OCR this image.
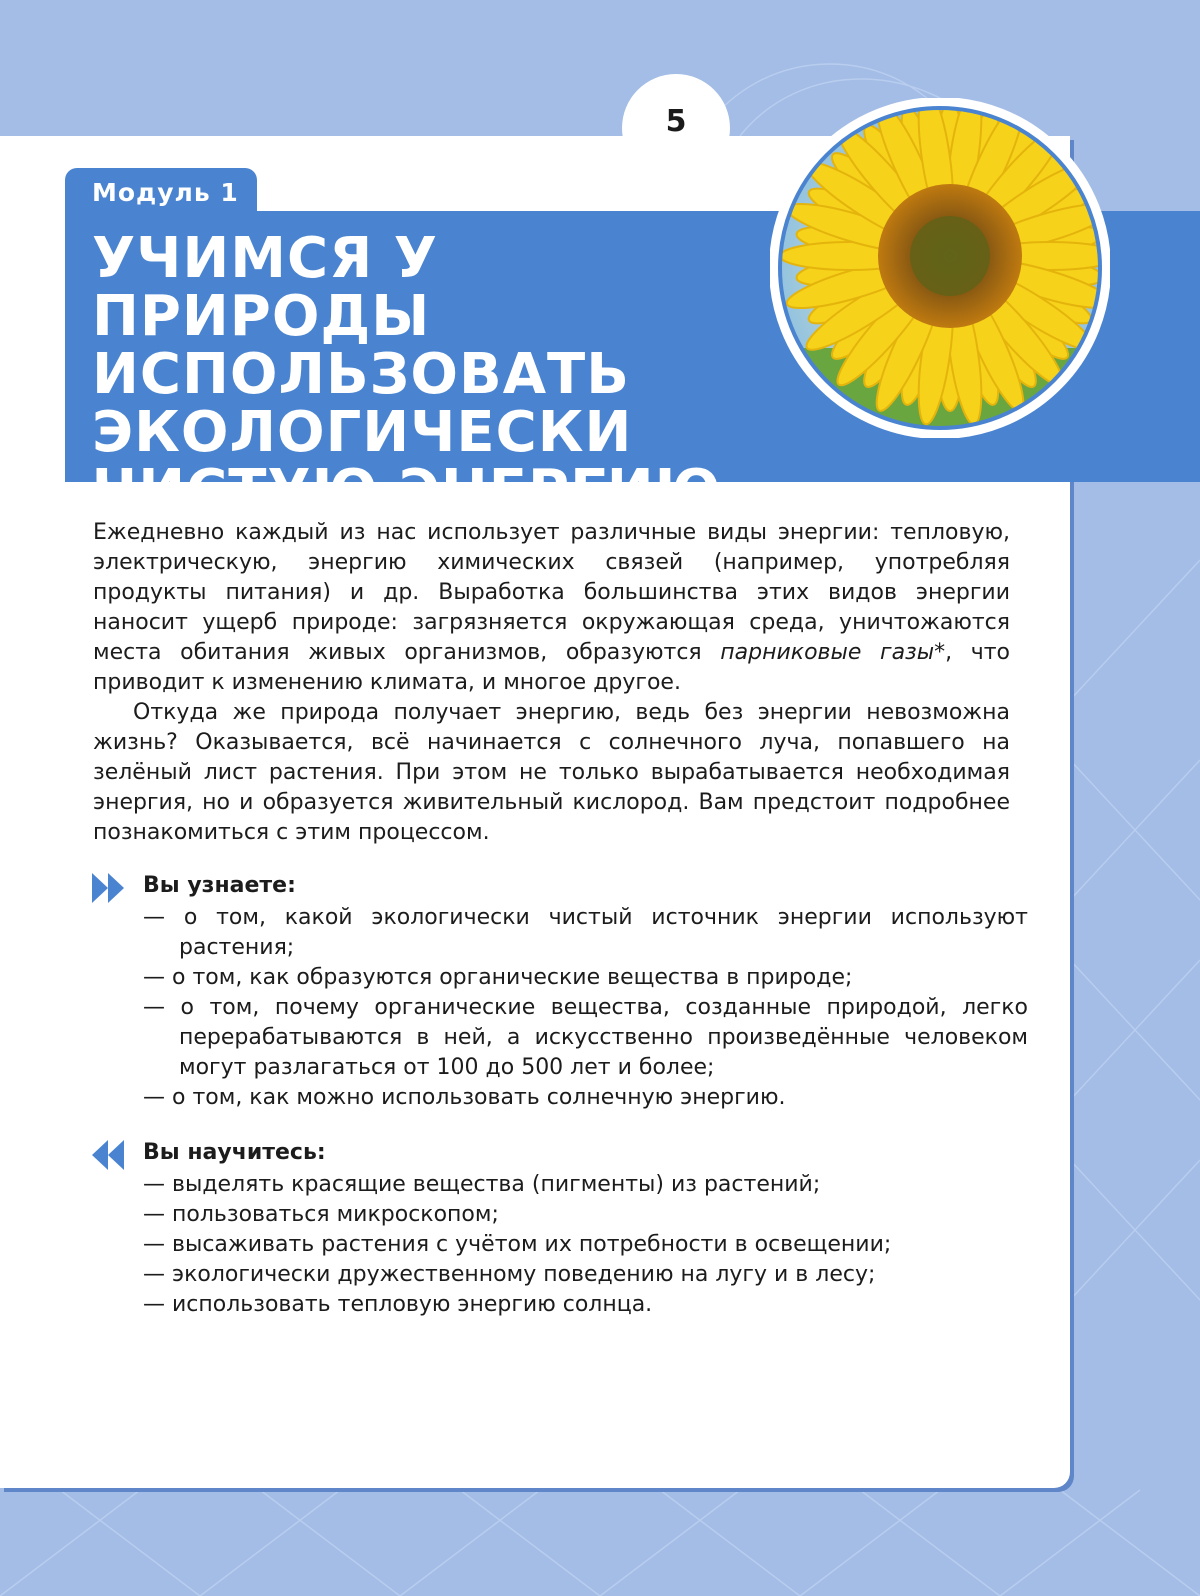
5
Модуль 1
УЧИМСЯ У ПРИРОДЫ
ИСПОЛЬЗОВАТЬ
ЭКОЛОГИЧЕСКИ
ЧИСТУЮ ЭНЕРГИЮ

Ежедневно каждый из нас использует различные виды энергии: тепловую, электрическую, энергию химических связей (например, употребляя продукты питания) и др. Выработка большинства этих видов энергии наносит ущерб природе: загрязняется окружающая среда, уничтожаются места обитания живых организмов, образуются парниковые газы*, что приводит к изменению климата, и многое другое.

Откуда же природа получает энергию, ведь без энергии невозможна жизнь? Оказывается, всё начинается с солнечного луча, попавшего на зелёный лист растения. При этом не только вырабатывается необходимая энергия, но и образуется живительный кислород. Вам предстоит подробнее познакомиться с этим процессом.

Вы узнаете:
— о том, какой экологически чистый источник энергии используют растения;
— о том, как образуются органические вещества в природе;
— о том, почему органические вещества, созданные природой, легко перерабатываются в ней, а искусственно произведённые человеком могут разлагаться от 100 до 500 лет и более;
— о том, как можно использовать солнечную энергию.
Вы научитесь:
— выделять красящие вещества (пигменты) из растений;
— пользоваться микроскопом;
— высаживать растения с учётом их потребности в освещении;
— экологически дружественному поведению на лугу и в лесу;
— использовать тепловую энергию солнца.
